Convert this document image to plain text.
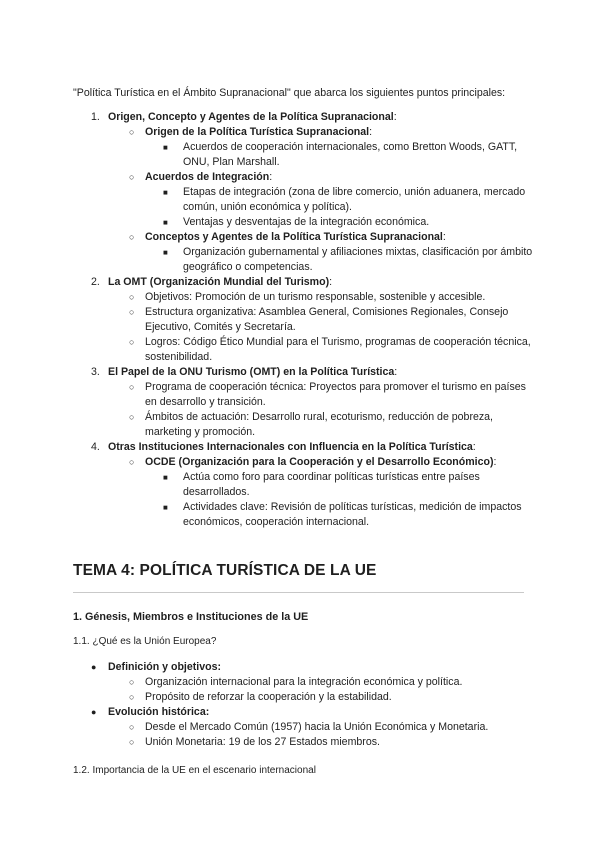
"Política Turística en el Ámbito Supranacional" que abarca los siguientes puntos principales:
1. Origen, Concepto y Agentes de la Política Supranacional:
○ Origen de la Política Turística Supranacional:
■ Acuerdos de cooperación internacionales, como Bretton Woods, GATT, ONU, Plan Marshall.
○ Acuerdos de Integración:
■ Etapas de integración (zona de libre comercio, unión aduanera, mercado común, unión económica y política).
■ Ventajas y desventajas de la integración económica.
○ Conceptos y Agentes de la Política Turística Supranacional:
■ Organización gubernamental y afiliaciones mixtas, clasificación por ámbito geográfico o competencias.
2. La OMT (Organización Mundial del Turismo):
○ Objetivos: Promoción de un turismo responsable, sostenible y accesible.
○ Estructura organizativa: Asamblea General, Comisiones Regionales, Consejo Ejecutivo, Comités y Secretaría.
○ Logros: Código Ético Mundial para el Turismo, programas de cooperación técnica, sostenibilidad.
3. El Papel de la ONU Turismo (OMT) en la Política Turística:
○ Programa de cooperación técnica: Proyectos para promover el turismo en países en desarrollo y transición.
○ Ámbitos de actuación: Desarrollo rural, ecoturismo, reducción de pobreza, marketing y promoción.
4. Otras Instituciones Internacionales con Influencia en la Política Turística:
○ OCDE (Organización para la Cooperación y el Desarrollo Económico):
■ Actúa como foro para coordinar políticas turísticas entre países desarrollados.
■ Actividades clave: Revisión de políticas turísticas, medición de impactos económicos, cooperación internacional.
TEMA 4: POLÍTICA TURÍSTICA DE LA UE
1. Génesis, Miembros e Instituciones de la UE
1.1. ¿Qué es la Unión Europea?
● Definición y objetivos:
○ Organización internacional para la integración económica y política.
○ Propósito de reforzar la cooperación y la estabilidad.
● Evolución histórica:
○ Desde el Mercado Común (1957) hacia la Unión Económica y Monetaria.
○ Unión Monetaria: 19 de los 27 Estados miembros.
1.2. Importancia de la UE en el escenario internacional
